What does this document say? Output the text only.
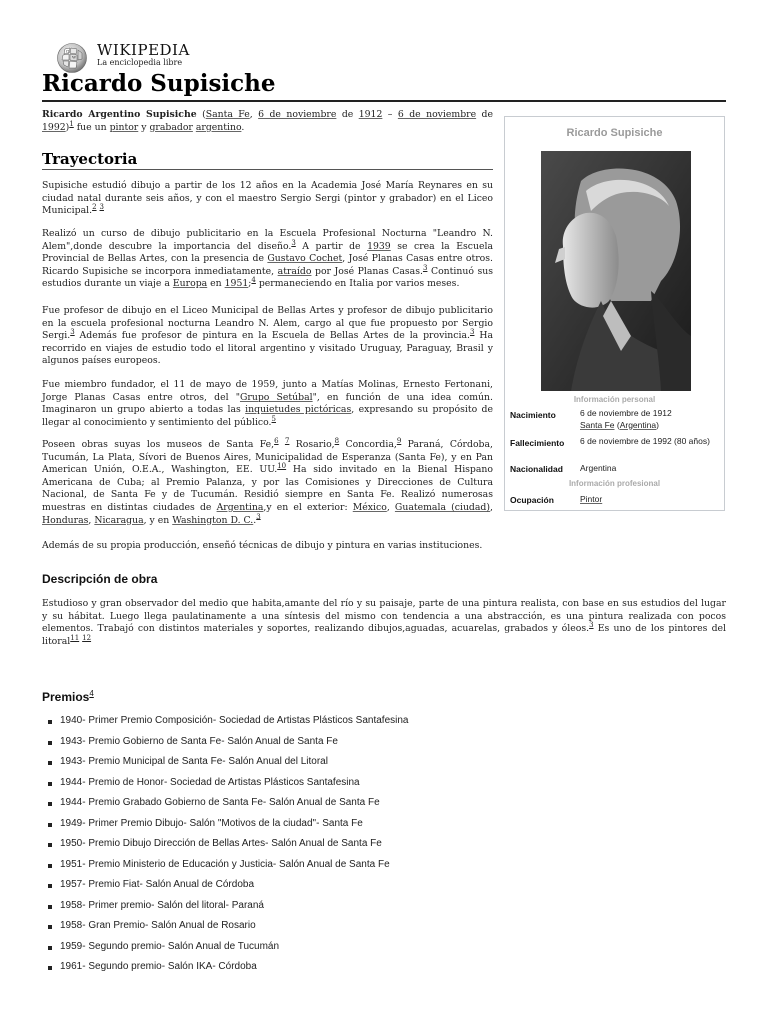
Ω
W WIKIPEDIA
La enciclopedia libre
Ricardo Supisiche

Ricardo Argentino Supisiche (Santa Fe, 6 de noviembre de 1912 – 6 de noviembre de 1992)$^1$ fue un pintor y grabador argentino.

Trayectoria

Supisiche estudió dibujo a partir de los 12 años en la Academia José María Reynares en su ciudad natal durante seis años, y con el maestro Sergio Sergi (pintor y grabador) en el Liceo Municipal.$^2$ $^3$

Realizó un curso de dibujo publicitario en la Escuela Profesional Nocturna "Leandro N. Alem",donde descubre la importancia del diseño.$^3$ A partir de 1939 se crea la Escuela Provincial de Bellas Artes, con la presencia de Gustavo Cochet, José Planas Casas entre otros. Ricardo Supisiche se incorpora inmediatamente, atraído por José Planas Casas.$^3$ Continuó sus estudios durante un viaje a Europa en 1951;$^4$ permaneciendo en Italia por varios meses.

Fue profesor de dibujo en el Liceo Municipal de Bellas Artes y profesor de dibujo publicitario en la escuela profesional nocturna Leandro N. Alem, cargo al que fue propuesto por Sergio Sergi.$^3$ Además fue profesor de pintura en la Escuela de Bellas Artes de la provincia.$^3$ Ha recorrido en viajes de estudio todo el litoral argentino y visitado Uruguay, Paraguay, Brasil y algunos países europeos.

Fue miembro fundador, el 11 de mayo de 1959, junto a Matías Molinas, Ernesto Fertonani, Jorge Planas Casas entre otros, del "Grupo Setúbal", en función de una idea común. Imaginaron un grupo abierto a todas las inquietudes pictóricas, expresando su propósito de llegar al conocimiento y sentimiento del público.$^5$

Poseen obras suyas los museos de Santa Fe,$^6$ $^7$ Rosario,$^8$ Concordia,$^9$ Paraná, Córdoba, Tucumán, La Plata, Sívori de Buenos Aires, Municipalidad de Esperanza (Santa Fe), y en Pan American Unión, O.E.A., Washington, EE. UU.$^{10}$ Ha sido invitado en la Bienal Hispano Americana de Cuba; al Premio Palanza, y por las Comisiones y Direcciones de Cultura Nacional, de Santa Fe y de Tucumán. Residió siempre en Santa Fe. Realizó numerosas muestras en distintas ciudades de Argentina,y en el exterior: México, Guatemala (ciudad), Honduras, Nicaragua, y en Washington D. C..$^3$

Además de su propia producción, enseñó técnicas de dibujo y pintura en varias instituciones.

Descripción de obra

Estudioso y gran observador del medio que habita,amante del río y su paisaje, parte de una pintura realista, con base en sus estudios del lugar y su hábitat. Luego llega paulatinamente a una síntesis del mismo con tendencia a una abstracción, es una pintura realizada con pocos elementos. Trabajó con distintos materiales y soportes, realizando dibujos,aguadas, acuarelas, grabados y óleos.$^3$ Es uno de los pintores del litoral$^{11}$ $^{12}$

Premios$^4$
1940- Primer Premio Composición- Sociedad de Artistas Plásticos Santafesina
1943- Premio Gobierno de Santa Fe- Salón Anual de Santa Fe
1943- Premio Municipal de Santa Fe- Salón Anual del Litoral
1944- Premio de Honor- Sociedad de Artistas Plásticos Santafesina
1944- Premio Grabado Gobierno de Santa Fe- Salón Anual de Santa Fe
1949- Primer Premio Dibujo- Salón "Motivos de la ciudad"- Santa Fe
1950- Premio Dibujo Dirección de Bellas Artes- Salón Anual de Santa Fe
1951- Premio Ministerio de Educación y Justicia- Salón Anual de Santa Fe
1957- Premio Fiat- Salón Anual de Córdoba
1958- Primer premio- Salón del litoral- Paraná
1958- Gran Premio- Salón Anual de Rosario
1959- Segundo premio- Salón Anual de Tucumán
1961- Segundo premio- Salón IKA- Córdoba
Ricardo Supisiche
Información personal
Nacimiento	6 de noviembre de 1912
Santa Fe (Argentina)
Fallecimiento 6 de noviembre de 1992 (80 años)
Nacionalidad Argentina
Información profesional
Ocupación	Pintor
